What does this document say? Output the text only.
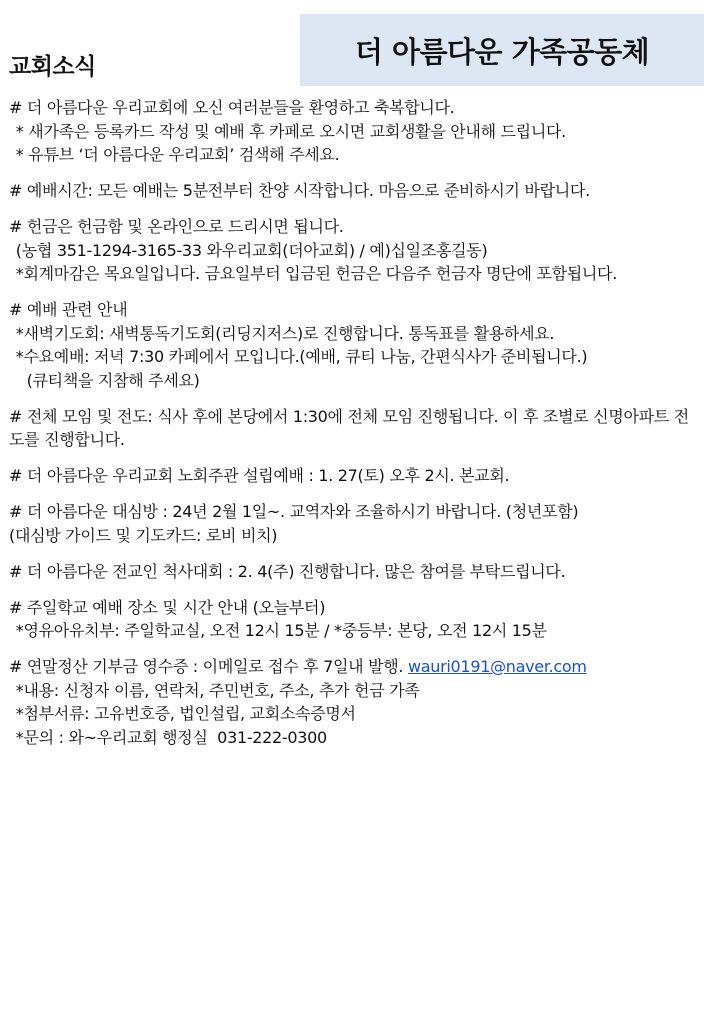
교회소식	더 아름다운 가족공동체
# 더 아름다운 우리교회에 오신 여러분들을 환영하고 축복합니다.
* 새가족은 등록카드 작성 및 예배 후 카페로 오시면 교회생활을 안내해 드립니다.
* 유튜브 ‘더 아름다운 우리교회’ 검색해 주세요.
# 예배시간: 모든 예배는 5분전부터 찬양 시작합니다. 마음으로 준비하시기 바랍니다.
# 헌금은 헌금함 및 온라인으로 드리시면 됩니다.
(농협 351-1294-3165-33 와우리교회(더아교회) / 예)십일조홍길동)
*회계마감은 목요일입니다. 금요일부터 입금된 헌금은 다음주 헌금자 명단에 포함됩니다.
# 예배 관련 안내
*새벽기도회: 새벽통독기도회(리딩지저스)로 진행합니다. 통독표를 활용하세요.
*수요예배: 저녁 7:30 카페에서 모입니다.(예배, 큐티 나눔, 간편식사가 준비됩니다.)
(큐티책을 지참해 주세요)
# 전체 모임 및 전도: 식사 후에 본당에서 1:30에 전체 모임 진행됩니다. 이 후 조별로 신명아파트 전도를 진행합니다.
# 더 아름다운 우리교회 노회주관 설립예배 : 1. 27(토) 오후 2시. 본교회.
# 더 아름다운 대심방 : 24년 2월 1일~. 교역자와 조율하시기 바랍니다. (청년포함)
(대심방 가이드 및 기도카드: 로비 비치)
# 더 아름다운 전교인 척사대회 : 2. 4(주) 진행합니다. 많은 참여를 부탁드립니다.
# 주일학교 예배 장소 및 시간 안내 (오늘부터)
*영유아유치부: 주일학교실, 오전 12시 15분 / *중등부: 본당, 오전 12시 15분
# 연말정산 기부금 영수증 : 이메일로 접수 후 7일내 발행. wauri0191@naver.com
*내용: 신청자 이름, 연락처, 주민번호, 주소, 추가 헌금 가족
*첨부서류: 고유번호증, 법인설립, 교회소속증명서
*문의 : 와~우리교회 행정실  031-222-0300
